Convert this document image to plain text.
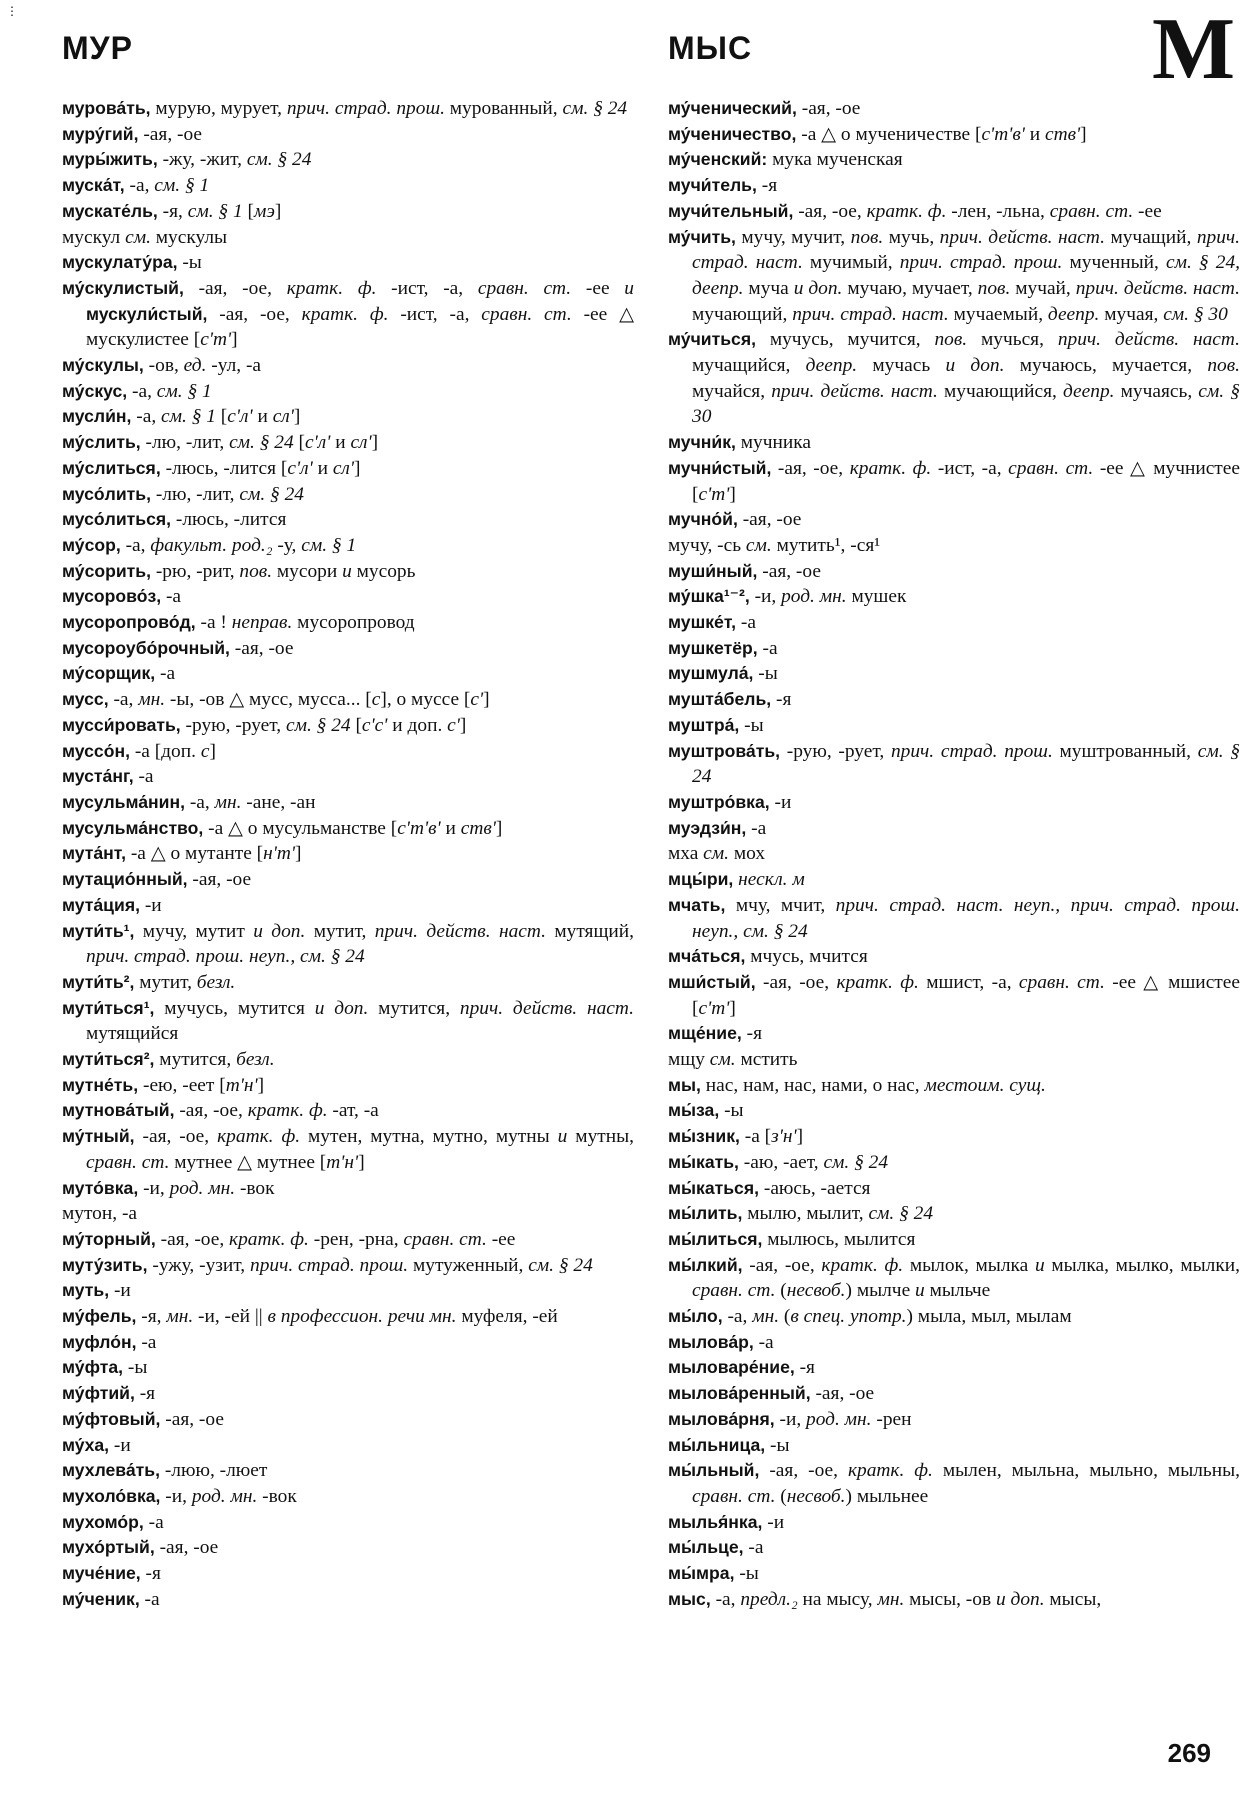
⋮
МУР	МЫС	М

мурова́ть, мурую, мурует, прич. страд. прош. мурованный, см. § 24

муру́гий, -ая, -ое

муры́жить, -жу, -жит, см. § 24

муска́т, -а, см. § 1

мускате́ль, -я, см. § 1 [мэ]

мускул см. мускулы

мускулату́ра, -ы

му́скулистый, -ая, -ое, кратк. ф. -ист, -а, сравн. ст. -ее и мускули́стый, -ая, -ое, кратк. ф. -ист, -а, сравн. ст. -ее △ мускулистее [сʹтʹ]

му́скулы, -ов, ед. -ул, -а

му́скус, -а, см. § 1

мусли́н, -а, см. § 1 [сʹлʹ и слʹ]

му́слить, -лю, -лит, см. § 24 [сʹлʹ и слʹ]

му́слиться, -люсь, -лится [сʹлʹ и слʹ]

мусо́лить, -лю, -лит, см. § 24

мусо́литься, -люсь, -лится

му́сор, -а, факульт. род.₂ -у, см. § 1

му́сорить, -рю, -рит, пов. мусори и мусорь

мусорово́з, -а

мусоропрово́д, -а ! неправ. мусоропровод

мусороубо́рочный, -ая, -ое

му́сорщик, -а

мусс, -а, мн. -ы, -ов △ мусс, мусса... [с], о муссе [сʹ]

мусси́ровать, -рую, -рует, см. § 24 [сʹсʹ и доп. сʹ]

муссо́н, -а [доп. с]

муста́нг, -а

мусульма́нин, -а, мн. -ане, -ан

мусульма́нство, -а △ о мусульманстве [сʹтʹвʹ и ствʹ]

мута́нт, -а △ о мутанте [нʹтʹ]

мутацио́нный, -ая, -ое

мута́ция, -и

мути́ть¹, мучу, мутит и доп. мутит, прич. действ. наст. мутящий, прич. страд. прош. неуп., см. § 24

мути́ть², мутит, безл.

мути́ться¹, мучусь, мутится и доп. мутится, прич. действ. наст. мутящийся

мути́ться², мутится, безл.

мутне́ть, -ею, -еет [тʹнʹ]

мутнова́тый, -ая, -ое, кратк. ф. -ат, -а

му́тный, -ая, -ое, кратк. ф. мутен, мутна, мутно, мутны и мутны, сравн. ст. мутнее △ мутнее [тʹнʹ]

муто́вка, -и, род. мн. -вок

мутон, -а

му́торный, -ая, -ое, кратк. ф. -рен, -рна, сравн. ст. -ее

муту́зить, -ужу, -узит, прич. страд. прош. мутуженный, см. § 24

муть, -и

му́фель, -я, мн. -и, -ей || в профессион. речи мн. муфеля, -ей

муфло́н, -а

му́фта, -ы

му́фтий, -я

му́фтовый, -ая, -ое

му́ха, -и

мухлева́ть, -люю, -люет

мухоло́вка, -и, род. мн. -вок

мухомо́р, -а

мухо́ртый, -ая, -ое

муче́ние, -я

му́ченик, -а

му́ченический, -ая, -ое

му́ченичество, -а △ о мученичестве [сʹтʹвʹ и ствʹ]

му́ченский: мука мученская

мучи́тель, -я

мучи́тельный, -ая, -ое, кратк. ф. -лен, -льна, сравн. ст. -ее

му́чить, мучу, мучит, пов. мучь, прич. действ. наст. мучащий, прич. страд. наст. мучимый, прич. страд. прош. мученный, см. § 24, деепр. муча и доп. мучаю, мучает, пов. мучай, прич. действ. наст. мучающий, прич. страд. наст. мучаемый, деепр. мучая, см. § 30

му́читься, мучусь, мучится, пов. мучься, прич. действ. наст. мучащийся, деепр. мучась и доп. мучаюсь, мучается, пов. мучайся, прич. действ. наст. мучающийся, деепр. мучаясь, см. § 30

мучни́к, мучника

мучни́стый, -ая, -ое, кратк. ф. -ист, -а, сравн. ст. -ее △ мучнистее [сʹтʹ]

мучно́й, -ая, -ое

мучу, -сь см. мутить¹, -ся¹

муши́ный, -ая, -ое

му́шка¹⁻², -и, род. мн. мушек

мушке́т, -а

мушкетёр, -а

мушмула́, -ы

мушта́бель, -я

муштра́, -ы

муштрова́ть, -рую, -рует, прич. страд. прош. муштрованный, см. § 24

муштро́вка, -и

муэдзи́н, -а

мха см. мох

мцы́ри, нескл. м

мчать, мчу, мчит, прич. страд. наст. неуп., прич. страд. прош. неуп., см. § 24

мча́ться, мчусь, мчится

мши́стый, -ая, -ое, кратк. ф. мшист, -а, сравн. ст. -ее △ мшистее [сʹтʹ]

мще́ние, -я

мщу см. мстить

мы, нас, нам, нас, нами, о нас, местоим. сущ.

мы́за, -ы

мы́зник, -а [зʹнʹ]

мы́кать, -аю, -ает, см. § 24

мы́каться, -аюсь, -ается

мы́лить, мылю, мылит, см. § 24

мы́литься, мылюсь, мылится

мы́лкий, -ая, -ое, кратк. ф. мылок, мылка и мылка, мылко, мылки, сравн. ст. (несвоб.) мылче и мыльче

мы́ло, -а, мн. (в спец. употр.) мыла, мыл, мылам

мылова́р, -а

мыловаре́ние, -я

мылова́ренный, -ая, -ое

мылова́рня, -и, род. мн. -рен

мы́льница, -ы

мы́льный, -ая, -ое, кратк. ф. мылен, мыльна, мыльно, мыльны, сравн. ст. (несвоб.) мыльнее

мылья́нка, -и

мы́льце, -а

мы́мра, -ы

мыс, -а, предл.₂ на мысу, мн. мысы, -ов и доп. мысы,

269
